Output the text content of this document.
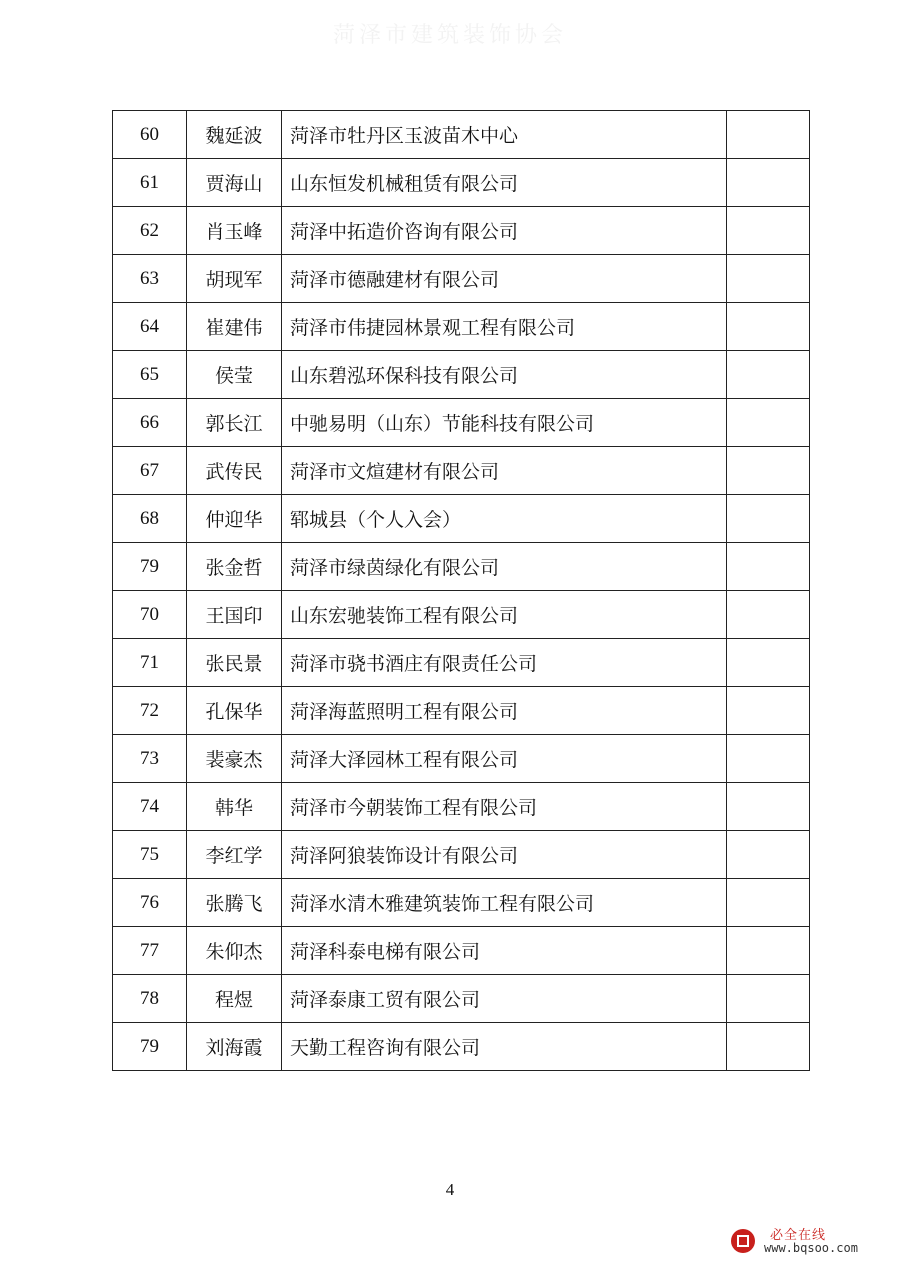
菏泽市建筑装饰协会
60	魏延波	菏泽市牡丹区玉波苗木中心	
61	贾海山	山东恒发机械租赁有限公司	
62	肖玉峰	菏泽中拓造价咨询有限公司	
63	胡现军	菏泽市德融建材有限公司	
64	崔建伟	菏泽市伟捷园林景观工程有限公司	
65	侯莹	山东碧泓环保科技有限公司	
66	郭长江	中驰易明（山东）节能科技有限公司	
67	武传民	菏泽市文煊建材有限公司	
68	仲迎华	郓城县（个人入会）	
79	张金哲	菏泽市绿茵绿化有限公司	
70	王国印	山东宏驰装饰工程有限公司	
71	张民景	菏泽市骁书酒庄有限责任公司	
72	孔保华	菏泽海蓝照明工程有限公司	
73	裴豪杰	菏泽大泽园林工程有限公司	
74	韩华	菏泽市今朝装饰工程有限公司	
75	李红学	菏泽阿狼装饰设计有限公司	
76	张腾飞	菏泽水清木雅建筑装饰工程有限公司	
77	朱仰杰	菏泽科泰电梯有限公司	
78	程煜	菏泽泰康工贸有限公司	
79	刘海霞	天勤工程咨询有限公司	
4
必全在线
www.bqsoo.com
